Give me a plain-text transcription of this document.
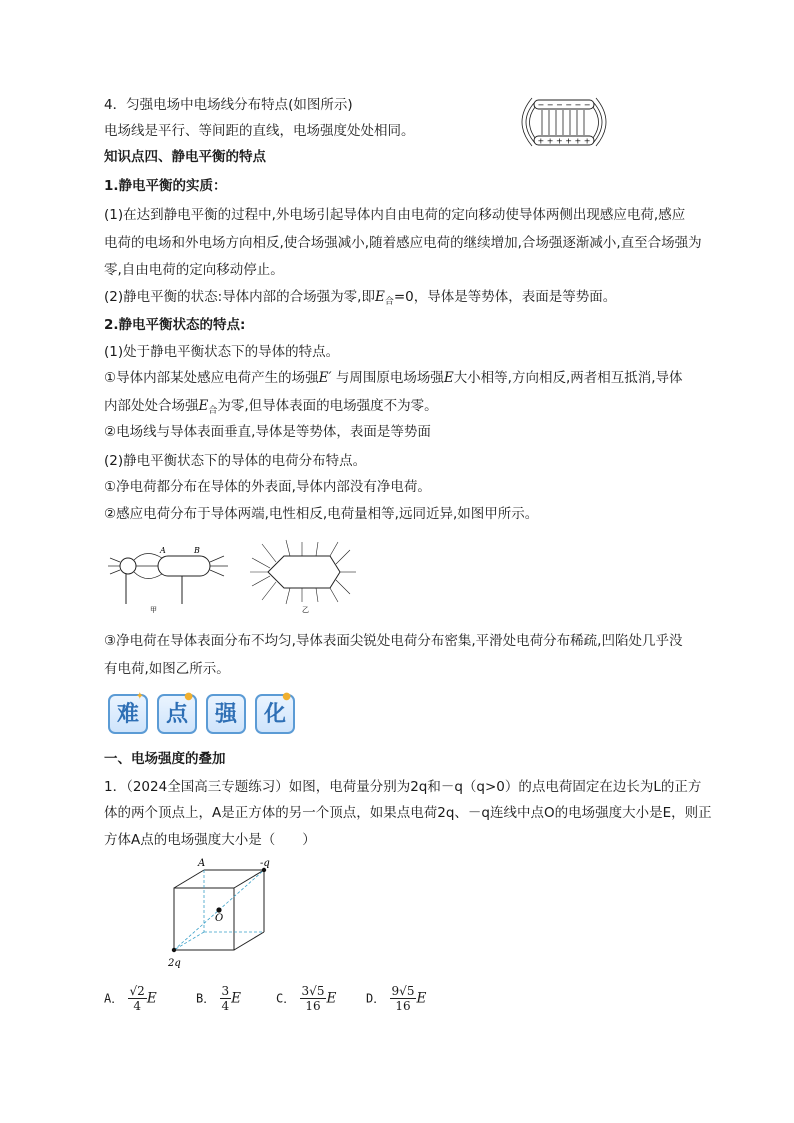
4．匀强电场中电场线分布特点(如图所示)
电场线是平行、等间距的直线，电场强度处处相同。
− − − − − −
+ + + + + +
知识点四、静电平衡的特点
1.静电平衡的实质：
(1)在达到静电平衡的过程中,外电场引起导体内自由电荷的定向移动使导体两侧出现感应电荷,感应
电荷的电场和外电场方向相反,使合场强减小,随着感应电荷的继续增加,合场强逐渐减小,直至合场强为
零,自由电荷的定向移动停止。
(2)静电平衡的状态:导体内部的合场强为零,即$E_合=0$，导体是等势体，表面是等势面。
2.静电平衡状态的特点:
(1)处于静电平衡状态下的导体的特点。
①导体内部某处感应电荷产生的场强E′ 与周围原电场场强E大小相等,方向相反,两者相互抵消,导体
内部处处合场强$E_合$为零,但导体表面的电场强度不为零。
②电场线与导体表面垂直,导体是等势体，表面是等势面
(2)静电平衡状态下的导体的电荷分布特点。
①净电荷都分布在导体的外表面,导体内部没有净电荷。
②感应电荷分布于导体两端,电性相反,电荷量相等,远同近异,如图甲所示。
A	B
甲	乙
③净电荷在导体表面分布不均匀,导体表面尖锐处电荷分布密集,平滑处电荷分布稀疏,凹陷处几乎没
有电荷,如图乙所示。
难
✦
点
●
强	化
●
一、电场强度的叠加
1．（2024全国高三专题练习）如图，电荷量分别为2q和－q（q>0）的点电荷固定在边长为L的正方
体的两个顶点上，A是正方体的另一个顶点，如果点电荷2q、－q连线中点O的电场强度大小是E，则正
方体A点的电场强度大小是（　　）
A	-q
O
2q
A． $\frac{√2}{4}$ E	B． $\frac{3}{4}$ E	C． $\frac{3√5}{16}$ E D． $\frac{9√5}{16}$ E
